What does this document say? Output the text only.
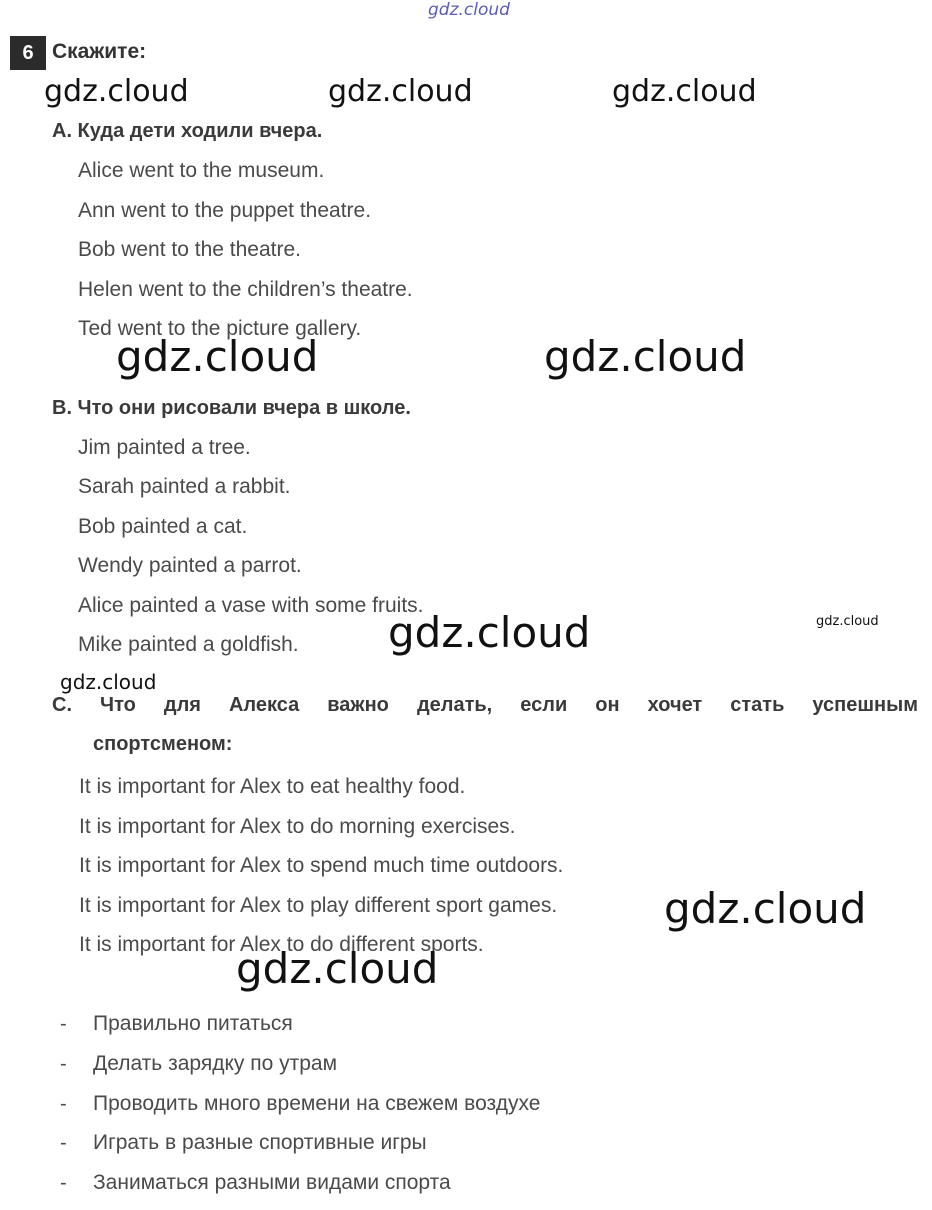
gdz.cloud
6 Скажите:
gdz.cloud	gdz.cloud	gdz.cloud
А. Куда дети ходили вчера.
Alice went to the museum.
Ann went to the puppet theatre.
Bob went to the theatre.
Helen went to the children’s theatre.
Ted went to the picture gallery.
gdz.cloud	gdz.cloud
В. Что они рисовали вчера в школе.
Jim painted a tree.
Sarah painted a rabbit.
Bob painted a cat.
Wendy painted a parrot.
Alice painted a vase with some fruits.
Mike painted a goldfish. gdz.cloud	gdz.cloud
gdz.cloud
С. Что для Алекса важно делать, если он хочет стать успешным
спортсменом:
It is important for Alex to eat healthy food.
It is important for Alex to do morning exercises.
It is important for Alex to spend much time outdoors.
It is important for Alex to play different sport games.
It is important for Alex to do different sports.
gdz.cloud
gdz.cloud
- Правильно питаться
- Делать зарядку по утрам
- Проводить много времени на свежем воздухе
- Играть в разные спортивные игры
- Заниматься разными видами спорта
